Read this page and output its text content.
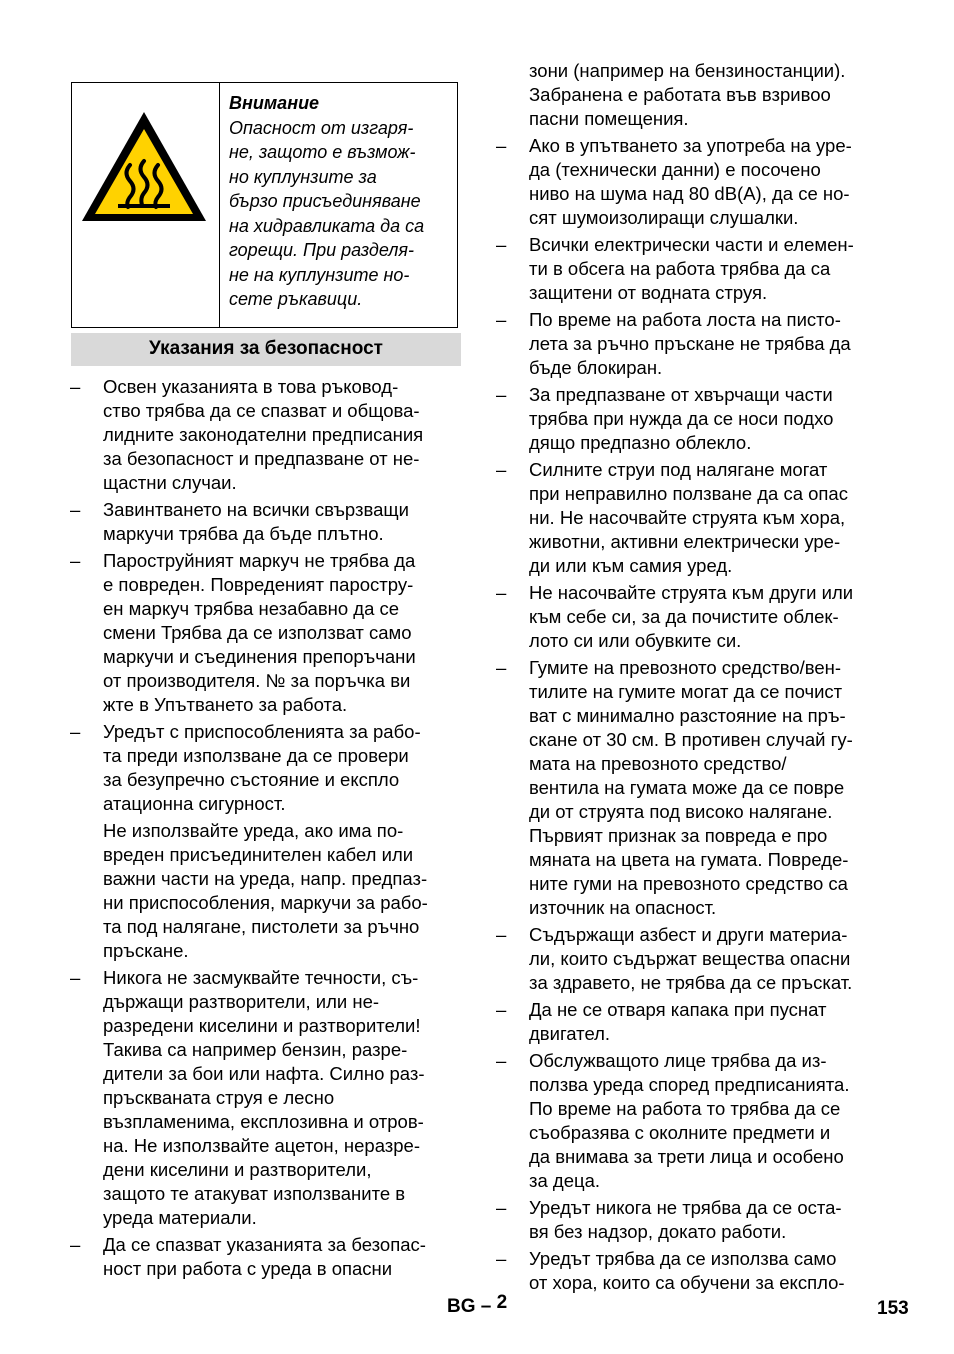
Внимание
Опасност от изгаря-
не, защото е възмож-
но куплунзите за
бързо присъединяване
на хидравликата да са
горещи. При разделя-
не на куплунзите но-
сете ръкавици.
Указания за безопасност
– Освен указанията в това ръковод-
ство трябва да се спазват и общова-
лидните законодателни предписания
за безопасност и предпазване от не-
щастни случаи.
– Завинтването на всички свързващи
маркучи трябва да бъде плътно.
– Пароструйният маркуч не трябва да
е повреден. Повреденият паростру-
ен маркуч трябва незабавно да се
смени Трябва да се използват само
маркучи и съединения препоръчани
от производителя. № за поръчка ви
жте в Упътването за работа.
– Уредът с приспособленията за рабо-
та преди използване да се провери
за безупречно състояние и експло
атационна сигурност.
Не използвайте уреда, ако има по-
вреден присъединителен кабел или
важни части на уреда, напр. предпаз-
ни приспособления, маркучи за рабо-
та под налягане, пистолети за ръчно
пръскане.
– Никога не засмуквайте течности, съ-
държащи разтворители, или не-
разредени киселини и разтворители!
Такива са например бензин, разре-
дители за бои или нафта. Силно раз-
пръскваната струя е лесно
възпламенима, експлозивна и отров-
на. Не използвайте ацетон, неразре-
дени киселини и разтворители,
защото те атакуват използваните в
уреда материали.
– Да се спазват указанията за безопас-
ност при работа с уреда в опасни
зони (например на бензиностанции).
Забранена е работата във взривоо
пасни помещения.
– Ако в упътването за употреба на уре-
да (технически данни) е посочено
ниво на шума над 80 dB(A), да се но-
сят шумоизолиращи слушалки.
– Всички електрически части и елемен-
ти в обсега на работа трябва да са
защитени от водната струя.
– По време на работа лоста на писто-
лета за ръчно пръскане не трябва да
бъде блокиран.
– За предпазване от хвърчащи части
трябва при нужда да се носи подхо
дящо предпазно облекло.
– Силните струи под налягане могат
при неправилно ползване да са опас
ни. Не насочвайте струята към хора,
животни, активни електрически уре-
ди или към самия уред.
– Не насочвайте струята към други или
към себе си, за да почистите облек-
лото си или обувките си.
– Гумите на превозното средство/вен-
тилите на гумите могат да се почист
ват с минимално разстояние на пръ-
скане от 30 см. В противен случай гу-
мата на превозното средство/
вентила на гумата може да се повре
ди от струята под високо налягане.
Първият признак за повреда е про
мяната на цвета на гумата. Повреде-
ните гуми на превозното средство са
източник на опасност.
– Съдържащи азбест и други материа-
ли, които съдържат вещества опасни
за здравето, не трябва да се пръскат.
– Да не се отваря капака при пуснат
двигател.
– Обслужващото лице трябва да из-
ползва уреда според предписанията.
По време на работа то трябва да се
съобразява с околните предмети и
да внимава за трети лица и особено
за деца.
– Уредът никога не трябва да се оста-
вя без надзор, докато работи.
– Уредът трябва да се използва само
от хора, които са обучени за експло-
BG – 2	153
